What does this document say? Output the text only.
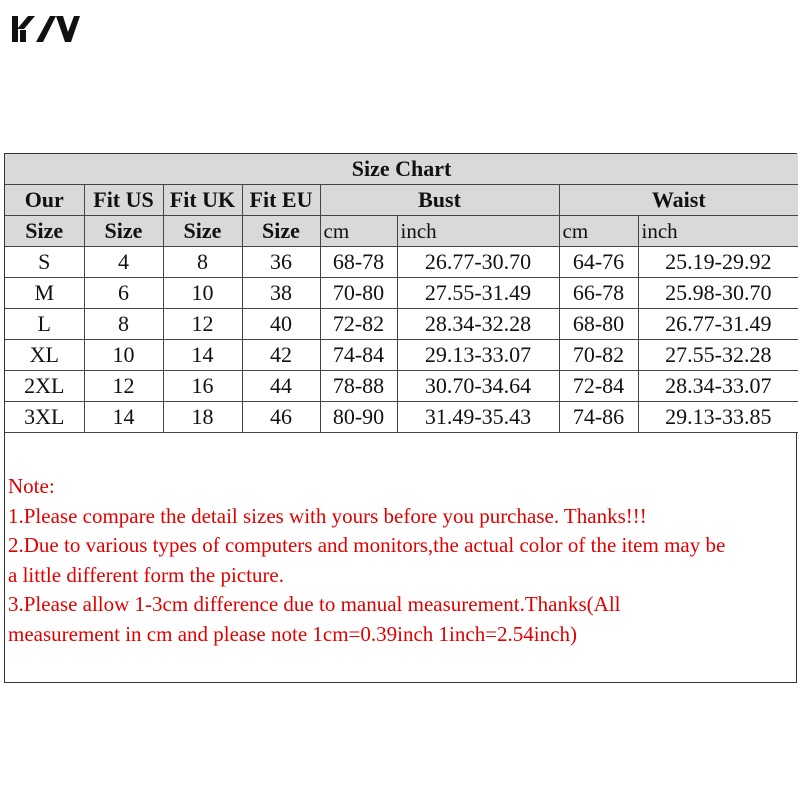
Size Chart							
Our	Fit US	Fit UK	Fit EU	Bust		Waist	
Size	Size	Size	Size	cm	inch	cm	inch
S	4	8	36	68-78	26.77-30.70	64-76	25.19-29.92
M	6	10	38	70-80	27.55-31.49	66-78	25.98-30.70
L	8	12	40	72-82	28.34-32.28	68-80	26.77-31.49
XL	10	14	42	74-84	29.13-33.07	70-82	27.55-32.28
2XL	12	16	44	78-88	30.70-34.64	72-84	28.34-33.07
3XL	14	18	46	80-90	31.49-35.43	74-86	29.13-33.85
Note:
1.Please compare the detail sizes with yours before you purchase. Thanks!!!
2.Due to various types of computers and monitors,the actual color of the item may be
a little different form the picture.
3.Please allow 1-3cm difference due to manual measurement.Thanks(All
measurement in cm and please note 1cm=0.39inch 1inch=2.54inch)
